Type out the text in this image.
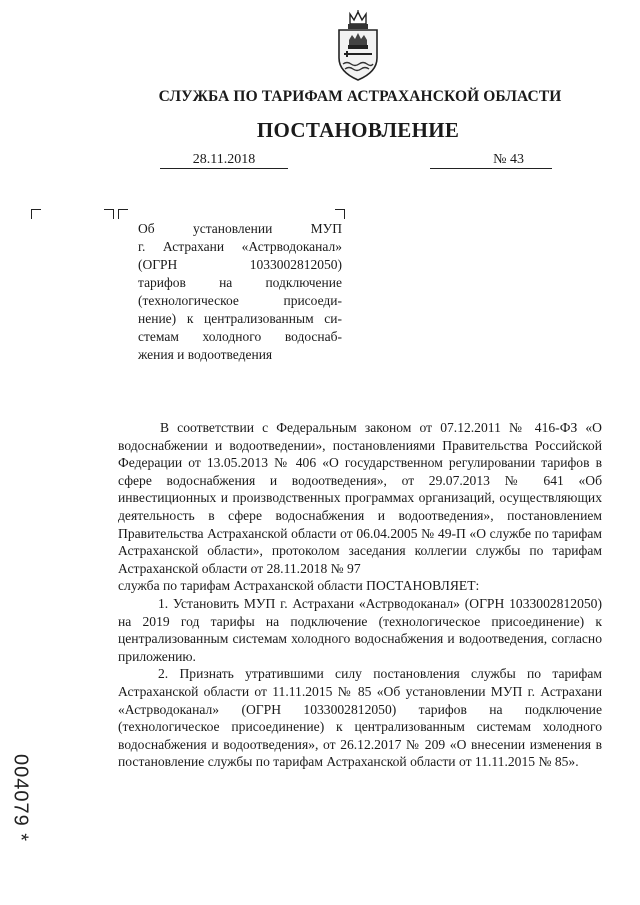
СЛУЖБА ПО ТАРИФАМ АСТРАХАНСКОЙ ОБЛАСТИ
ПОСТАНОВЛЕНИЕ
28.11.2018	№ 43
Об установлении МУП
г. Астрахани «Астрводоканал»
(ОГРН 1033002812050)
тарифов на подключение
(технологическое присоеди-
нение) к централизованным си-
стемам холодного водоснаб-
жения и водоотведения

В соответствии с Федеральным законом от 07.12.2011 № 416-ФЗ «О водоснабжении и водоотведении», постановлениями Правительства Российской Федерации от 13.05.2013 № 406 «О государственном регулировании тарифов в сфере водоснабжения и водоотведения», от 29.07.2013 № 641 «Об инвестиционных и производственных программах организаций, осуществляющих деятельность в сфере водоснабжения и водоотведения», постановлением Правительства Астраханской области от 06.04.2005 № 49-П «О службе по тарифам Астраханской области», протоколом заседания коллегии службы по тарифам Астраханской области от 28.11.2018 № 97

служба по тарифам Астраханской области ПОСТАНОВЛЯЕТ:

1. Установить МУП г. Астрахани «Астрводоканал» (ОГРН 1033002812050) на 2019 год тарифы на подключение (технологическое присоединение) к централизованным системам холодного водоснабжения и водоотведения, согласно приложению.

2. Признать утратившими силу постановления службы по тарифам Астраханской области от 11.11.2015 № 85 «Об установлении МУП г. Астрахани «Астрводоканал» (ОГРН 1033002812050) тарифов на подключение (технологическое присоединение) к централизованным системам холодного водоснабжения и водоотведения», от 26.12.2017 № 209 «О внесении изменения в постановление службы по тарифам Астраханской области от 11.11.2015 № 85».

004079 *
